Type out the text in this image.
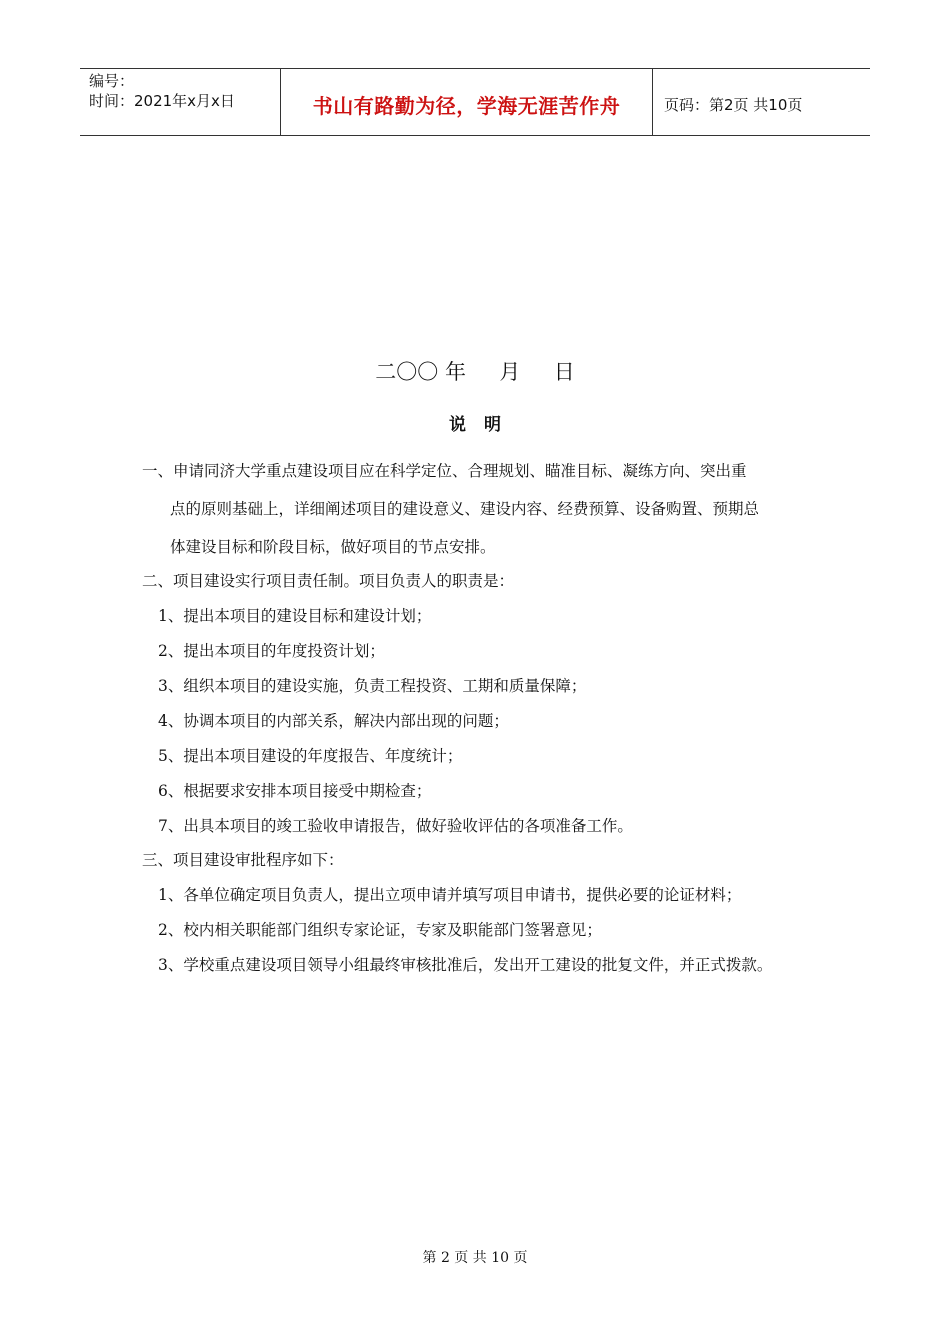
编号：
时间：2021年x月x日	书山有路勤为径，学海无涯苦作舟	页码：第2页 共10页
二〇〇 年     月     日
说明
一、申请同济大学重点建设项目应在科学定位、合理规划、瞄准目标、凝练方向、突出重
点的原则基础上，详细阐述项目的建设意义、建设内容、经费预算、设备购置、预期总
体建设目标和阶段目标，做好项目的节点安排。
二、项目建设实行项目责任制。项目负责人的职责是：
1、提出本项目的建设目标和建设计划；
2、提出本项目的年度投资计划；
3、组织本项目的建设实施，负责工程投资、工期和质量保障；
4、协调本项目的内部关系，解决内部出现的问题；
5、提出本项目建设的年度报告、年度统计；
6、根据要求安排本项目接受中期检查；
7、出具本项目的竣工验收申请报告，做好验收评估的各项准备工作。
三、项目建设审批程序如下：
1、各单位确定项目负责人，提出立项申请并填写项目申请书，提供必要的论证材料；
2、校内相关职能部门组织专家论证，专家及职能部门签署意见；
3、学校重点建设项目领导小组最终审核批准后，发出开工建设的批复文件，并正式拨款。
第 2 页 共 10 页
